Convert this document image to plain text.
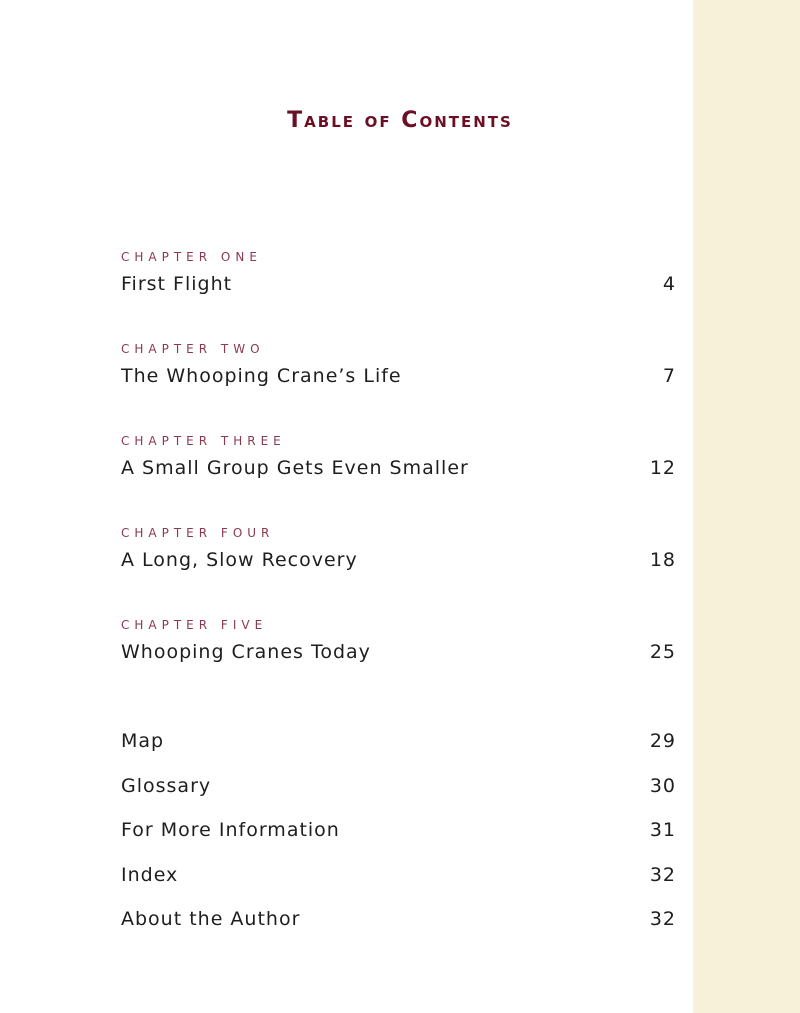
Table of Contents
CHAPTER ONE
First Flight	4
CHAPTER TWO
The Whooping Crane’s Life	7
CHAPTER THREE
A Small Group Gets Even Smaller	12
CHAPTER FOUR
A Long, Slow Recovery	18
CHAPTER FIVE
Whooping Cranes Today	25
Map	29
Glossary	30
For More Information	31
Index	32
About the Author	32
